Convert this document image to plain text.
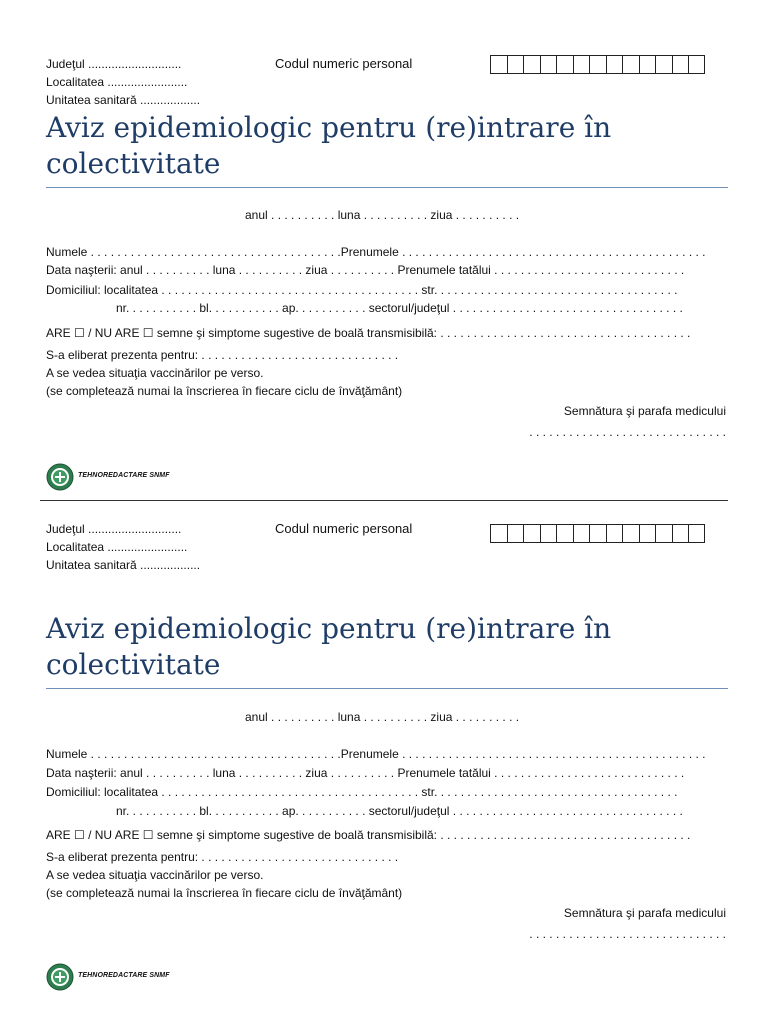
Judeţul ............................
Localitatea ........................
Unitatea sanitară ..................
Codul numeric personal
Aviz epidemiologic pentru (re)intrare în colectivitate
anul . . . . . . . . . . luna . . . . . . . . . . ziua . . . . . . . . . .
Numele . . . . . . . . . . . . . . . . . . . . . . . . . . . . . . . . . . . . . .Prenumele . . . . . . . . . . . . . . . . . . . . . . . . . . . . . . . . . . . . . . . . . . . . . .
Data naşterii: anul . . . . . . . . . . luna . . . . . . . . . . ziua . . . . . . . . . . Prenumele tatălui . . . . . . . . . . . . . . . . . . . . . . . . . . . . .
Domiciliul: localitatea . . . . . . . . . . . . . . . . . . . . . . . . . . . . . . . . . . . . . . . str. . . . . . . . . . . . . . . . . . . . . . . . . . . . . . . . . . . . .
nr. . . . . . . . . . . bl. . . . . . . . . . . ap. . . . . . . . . . . sectorul/judeţul . . . . . . . . . . . . . . . . . . . . . . . . . . . . . . . . . . .
ARE ☐ / NU ARE ☐ semne şi simptome sugestive de boală transmisibilă: . . . . . . . . . . . . . . . . . . . . . . . . . . . . . . . . . . . . . .
S-a eliberat prezenta pentru: . . . . . . . . . . . . . . . . . . . . . . . . . . . . . .
A se vedea situaţia vaccinărilor pe verso.
(se completează numai la înscrierea în fiecare ciclu de învăţământ)
Semnătura şi parafa medicului
. . . . . . . . . . . . . . . . . . . . . . . . . . . . . .
TEHNOREDACTARE SNMF
Judeţul ............................
Localitatea ........................
Unitatea sanitară ..................
Codul numeric personal
Aviz epidemiologic pentru (re)intrare în colectivitate
anul . . . . . . . . . . luna . . . . . . . . . . ziua . . . . . . . . . .
Numele . . . . . . . . . . . . . . . . . . . . . . . . . . . . . . . . . . . . . .Prenumele . . . . . . . . . . . . . . . . . . . . . . . . . . . . . . . . . . . . . . . . . . . . . .
Data naşterii: anul . . . . . . . . . . luna . . . . . . . . . . ziua . . . . . . . . . . Prenumele tatălui . . . . . . . . . . . . . . . . . . . . . . . . . . . . .
Domiciliul: localitatea . . . . . . . . . . . . . . . . . . . . . . . . . . . . . . . . . . . . . . . str. . . . . . . . . . . . . . . . . . . . . . . . . . . . . . . . . . . . .
nr. . . . . . . . . . . bl. . . . . . . . . . . ap. . . . . . . . . . . sectorul/judeţul . . . . . . . . . . . . . . . . . . . . . . . . . . . . . . . . . . .
ARE ☐ / NU ARE ☐ semne şi simptome sugestive de boală transmisibilă: . . . . . . . . . . . . . . . . . . . . . . . . . . . . . . . . . . . . . .
S-a eliberat prezenta pentru: . . . . . . . . . . . . . . . . . . . . . . . . . . . . . .
A se vedea situaţia vaccinărilor pe verso.
(se completează numai la înscrierea în fiecare ciclu de învăţământ)
Semnătura şi parafa medicului
. . . . . . . . . . . . . . . . . . . . . . . . . . . . . .
TEHNOREDACTARE SNMF
